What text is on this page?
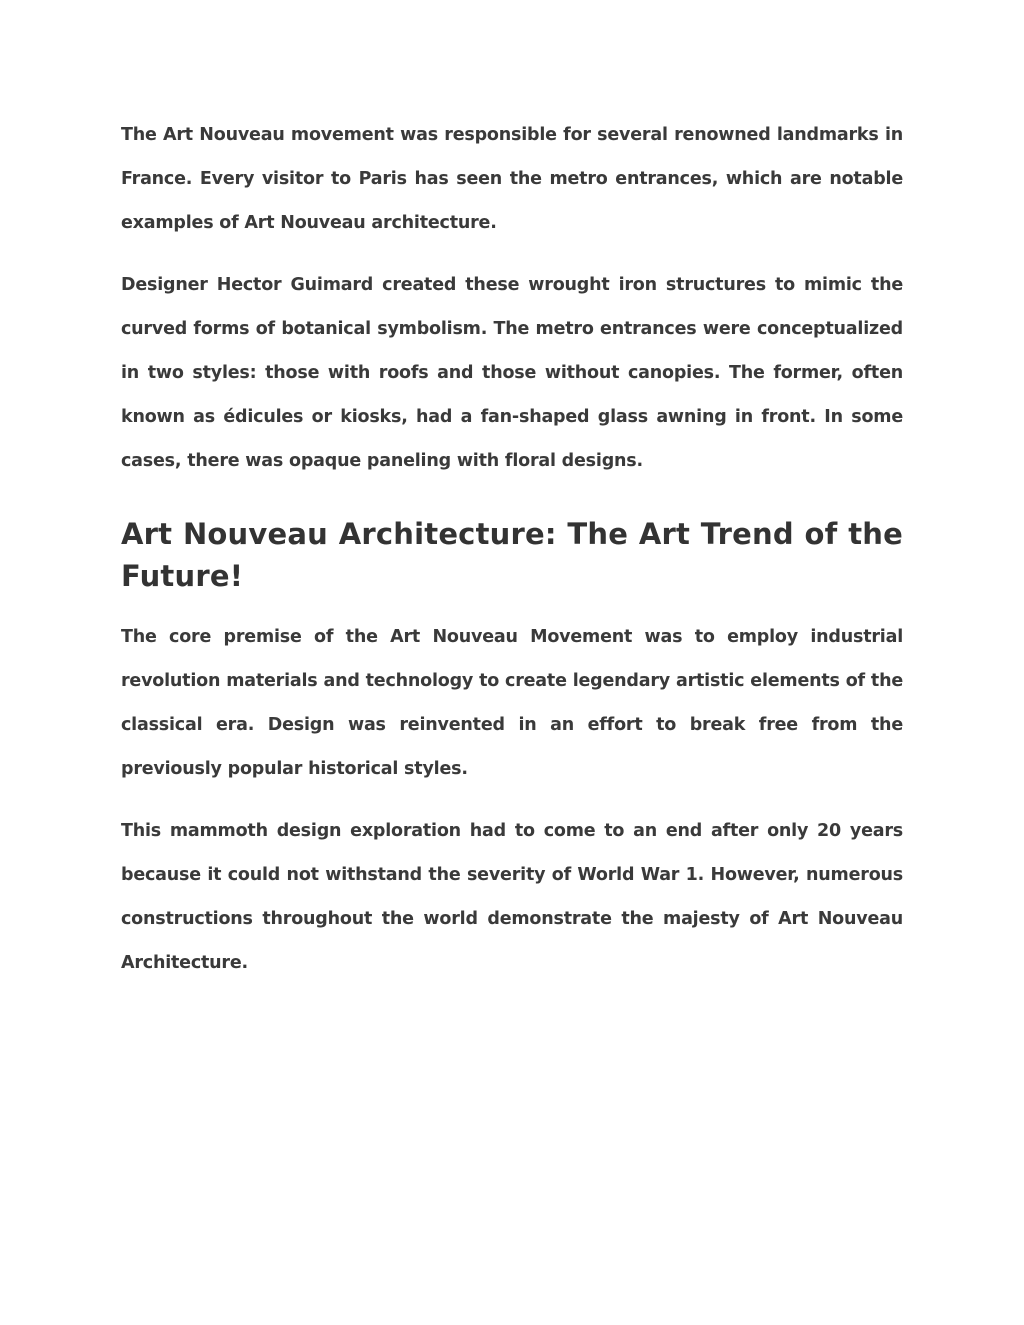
The Art Nouveau movement was responsible for several renowned landmarks in France. Every visitor to Paris has seen the metro entrances, which are notable examples of Art Nouveau architecture.

Designer Hector Guimard created these wrought iron structures to mimic the curved forms of botanical symbolism. The metro entrances were conceptualized in two styles: those with roofs and those without canopies. The former, often known as édicules or kiosks, had a fan-shaped glass awning in front. In some cases, there was opaque paneling with floral designs.

Art Nouveau Architecture: The Art Trend of the Future!

The core premise of the Art Nouveau Movement was to employ industrial revolution materials and technology to create legendary artistic elements of the classical era. Design was reinvented in an effort to break free from the previously popular historical styles.

This mammoth design exploration had to come to an end after only 20 years because it could not withstand the severity of World War 1. However, numerous constructions throughout the world demonstrate the majesty of Art Nouveau Architecture.
